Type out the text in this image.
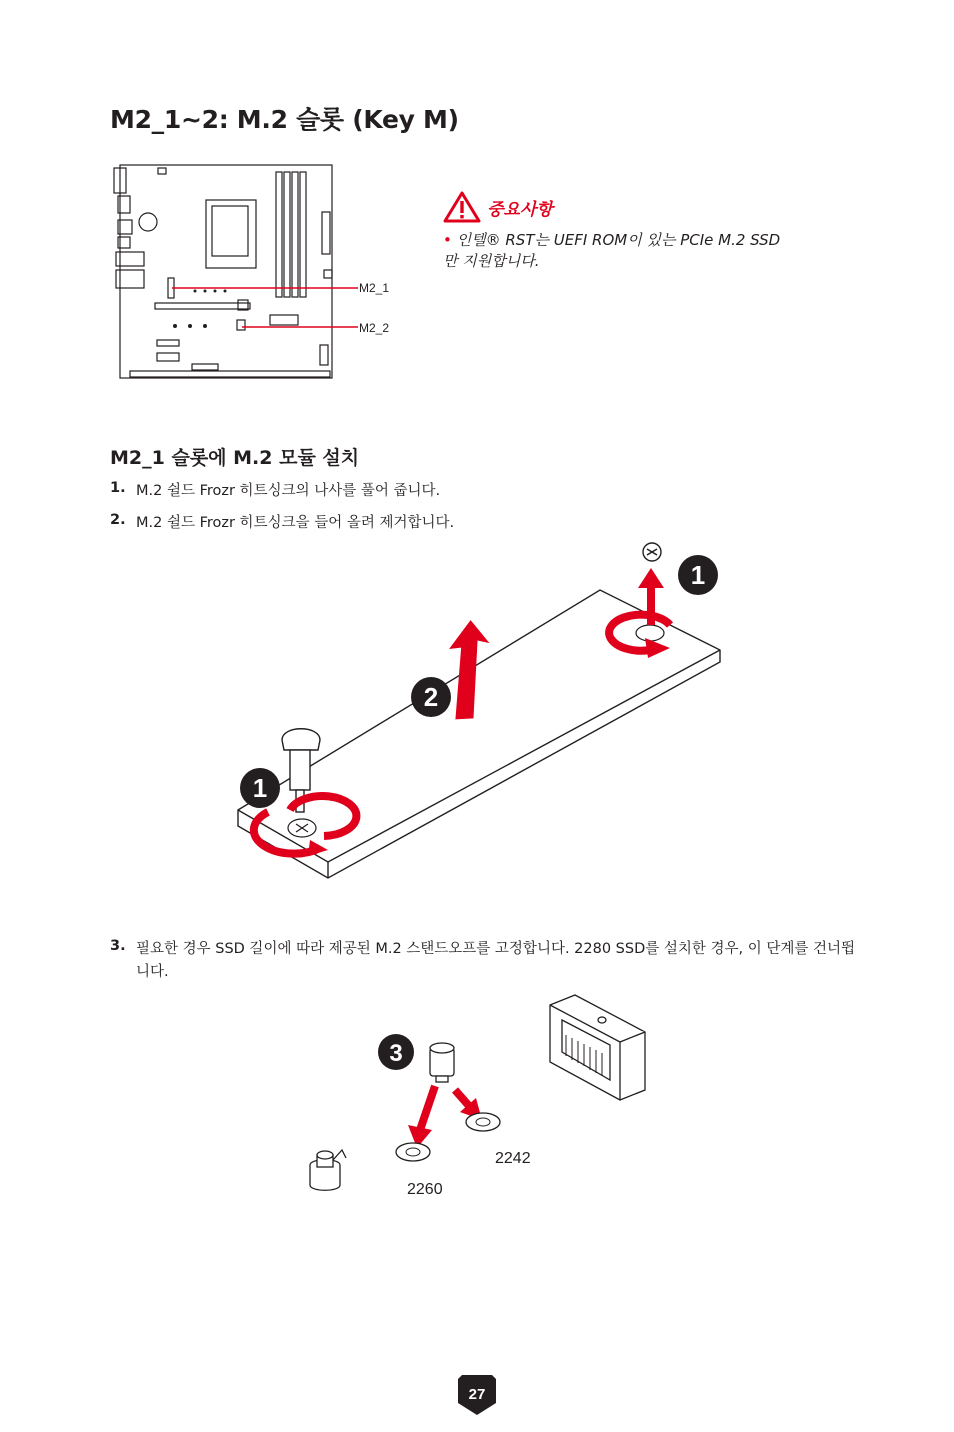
M2_1~2: M.2 슬롯 (Key M)
M2_1
M2_2
중요사항
• 인텔® RST는 UEFI ROM이 있는 PCIe M.2 SSD
만 지원합니다.
M2_1 슬롯에 M.2 모듈 설치
1. M.2 쉴드 Frozr 히트싱크의 나사를 풀어 줍니다.
2. M.2 쉴드 Frozr 히트싱크을 들어 올려 제거합니다.
1
2
1
3. 필요한 경우 SSD 길이에 따라 제공된 M.2 스탠드오프를 고정합니다. 2280 SSD를 설치한 경우, 이 단계를 건너뜁니다.
3
2242
2260
27
